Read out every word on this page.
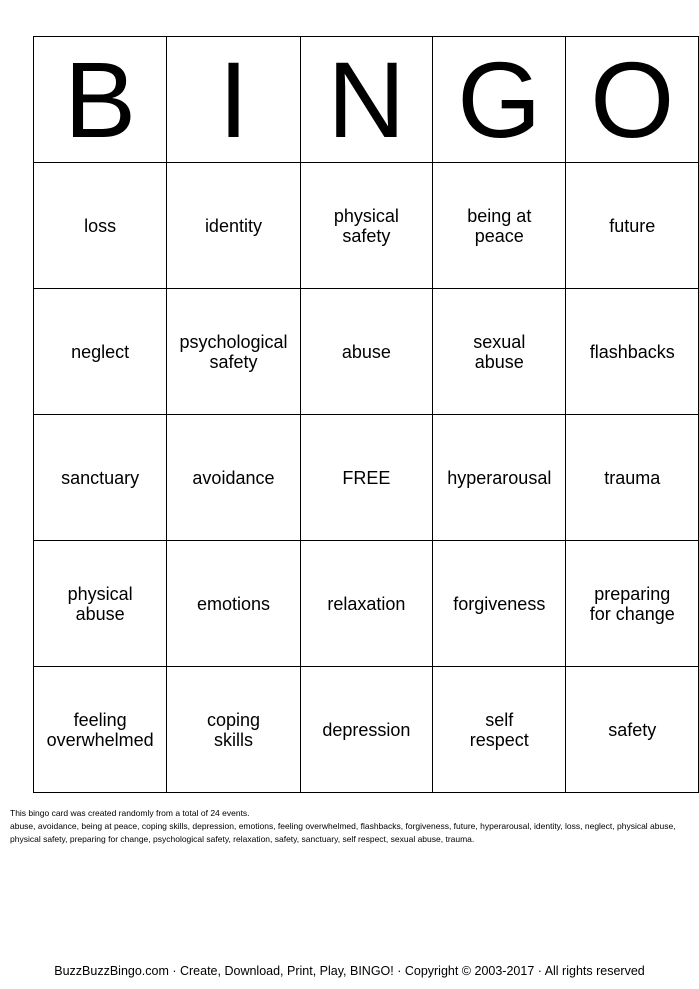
B	I	N	G	O

loss	identity	physical safety	being at peace	future

neglect	psychological safety	abuse	sexual abuse	flashbacks

sanctuary	avoidance	FREE	hyperarousal	trauma

physical abuse	emotions	relaxation	forgiveness	preparing for change

feeling overwhelmed	coping skills	depression	self respect	safety

This bingo card was created randomly from a total of 24 events.

abuse, avoidance, being at peace, coping skills, depression, emotions, feeling overwhelmed, flashbacks, forgiveness, future, hyperarousal, identity, loss, neglect, physical abuse, physical safety, preparing for change, psychological safety, relaxation, safety, sanctuary, self respect, sexual abuse, trauma.

BuzzBuzzBingo.com · Create, Download, Print, Play, BINGO! · Copyright © 2003-2017 · All rights reserved
